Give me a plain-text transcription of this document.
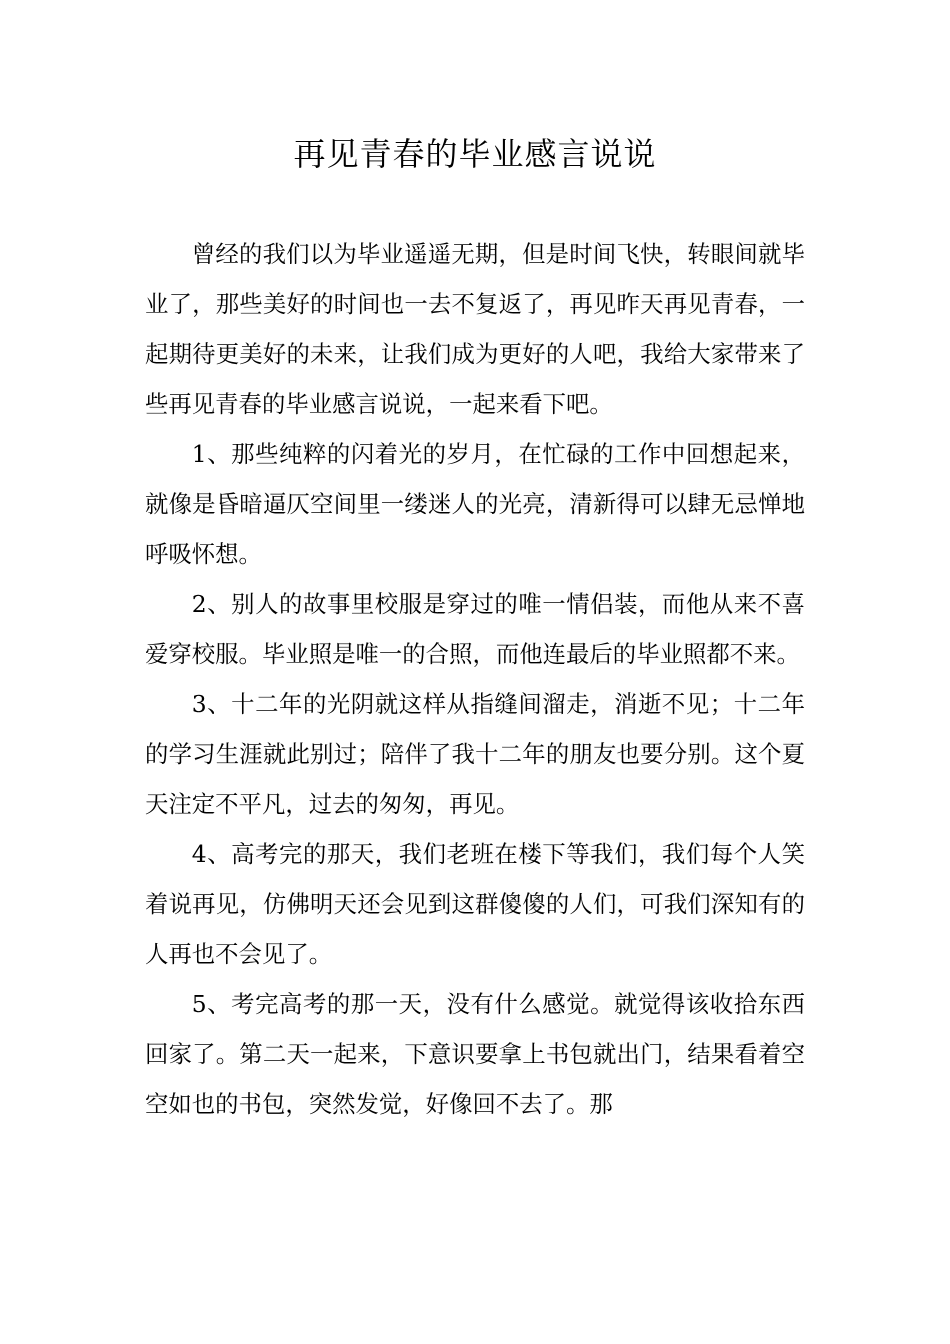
再见青春的毕业感言说说

曾经的我们以为毕业遥遥无期，但是时间飞快，转眼间就毕业了，那些美好的时间也一去不复返了，再见昨天再见青春，一起期待更美好的未来，让我们成为更好的人吧，我给大家带来了些再见青春的毕业感言说说，一起来看下吧。

1、那些纯粹的闪着光的岁月，在忙碌的工作中回想起来，就像是昏暗逼仄空间里一缕迷人的光亮，清新得可以肆无忌惮地呼吸怀想。

2、别人的故事里校服是穿过的唯一情侣装，而他从来不喜爱穿校服。毕业照是唯一的合照，而他连最后的毕业照都不来。

3、十二年的光阴就这样从指缝间溜走，消逝不见；十二年的学习生涯就此别过；陪伴了我十二年的朋友也要分别。这个夏天注定不平凡，过去的匆匆，再见。

4、高考完的那天，我们老班在楼下等我们，我们每个人笑着说再见，仿佛明天还会见到这群傻傻的人们，可我们深知有的人再也不会见了。

5、考完高考的那一天，没有什么感觉。就觉得该收拾东西回家了。第二天一起来，下意识要拿上书包就出门，结果看着空空如也的书包，突然发觉，好像回不去了。那
